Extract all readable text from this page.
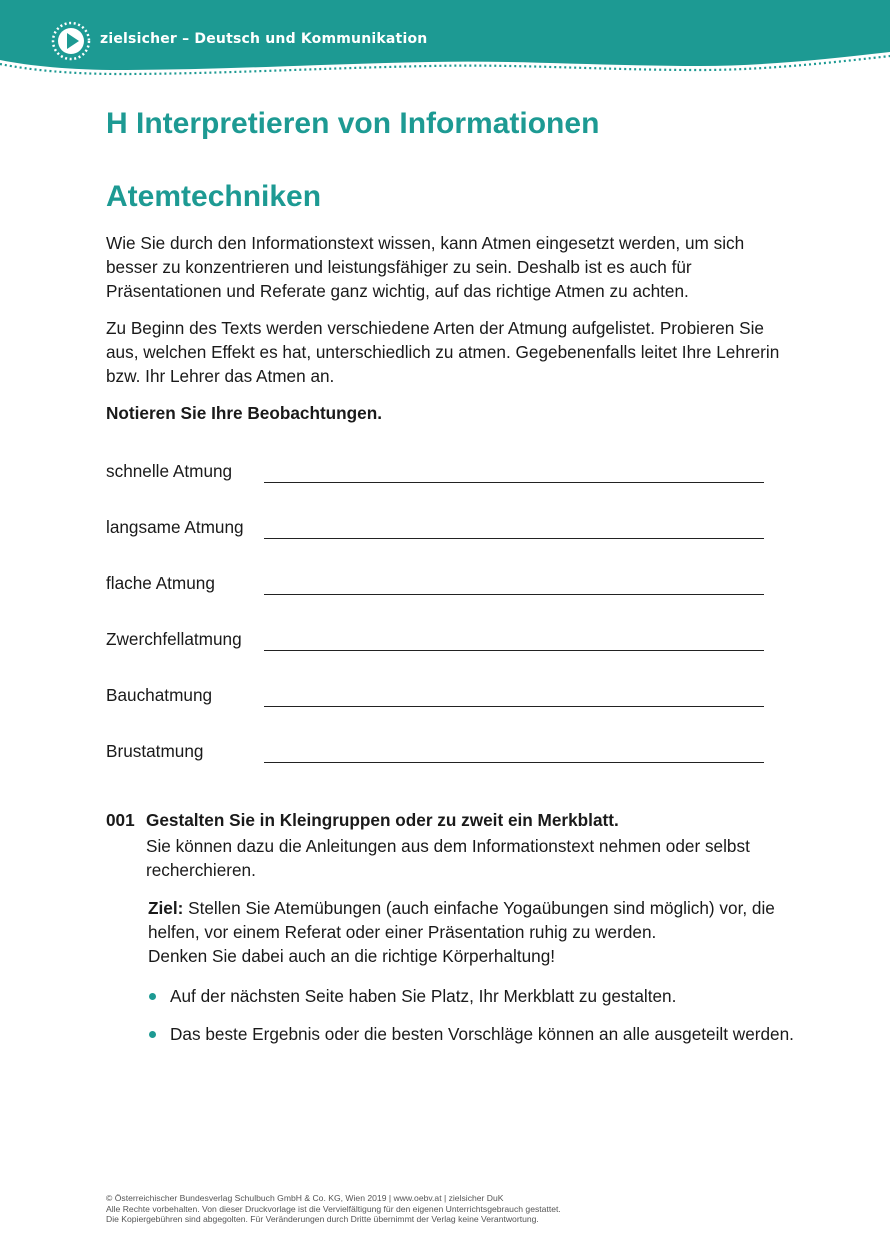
zielsicher – Deutsch und Kommunikation
H Interpretieren von Informationen
Atemtechniken

Wie Sie durch den Informationstext wissen, kann Atmen eingesetzt werden, um sich besser zu konzentrieren und leistungsfähiger zu sein. Deshalb ist es auch für Präsentationen und Referate ganz wichtig, auf das richtige Atmen zu achten.

Zu Beginn des Texts werden verschiedene Arten der Atmung aufgelistet. Probieren Sie aus, welchen Effekt es hat, unterschiedlich zu atmen. Gegebenenfalls leitet Ihre Lehrerin bzw. Ihr Lehrer das Atmen an.

Notieren Sie Ihre Beobachtungen.

schnelle Atmung
langsame Atmung
flache Atmung
Zwerchfellatmung
Bauchatmung
Brustatmung
001 Gestalten Sie in Kleingruppen oder zu zweit ein Merkblatt.
Sie können dazu die Anleitungen aus dem Informationstext nehmen oder selbst recherchieren.
Ziel: Stellen Sie Atemübungen (auch einfache Yogaübungen sind möglich) vor, die helfen, vor einem Referat oder einer Präsentation ruhig zu werden.
Denken Sie dabei auch an die richtige Körperhaltung!
Auf der nächsten Seite haben Sie Platz, Ihr Merkblatt zu gestalten.
Das beste Ergebnis oder die besten Vorschläge können an alle ausgeteilt werden.
© Österreichischer Bundesverlag Schulbuch GmbH & Co. KG, Wien 2019 | www.oebv.at | zielsicher DuK
Alle Rechte vorbehalten. Von dieser Druckvorlage ist die Vervielfältigung für den eigenen Unterrichtsgebrauch gestattet.
Die Kopiergebühren sind abgegolten. Für Veränderungen durch Dritte übernimmt der Verlag keine Verantwortung.
